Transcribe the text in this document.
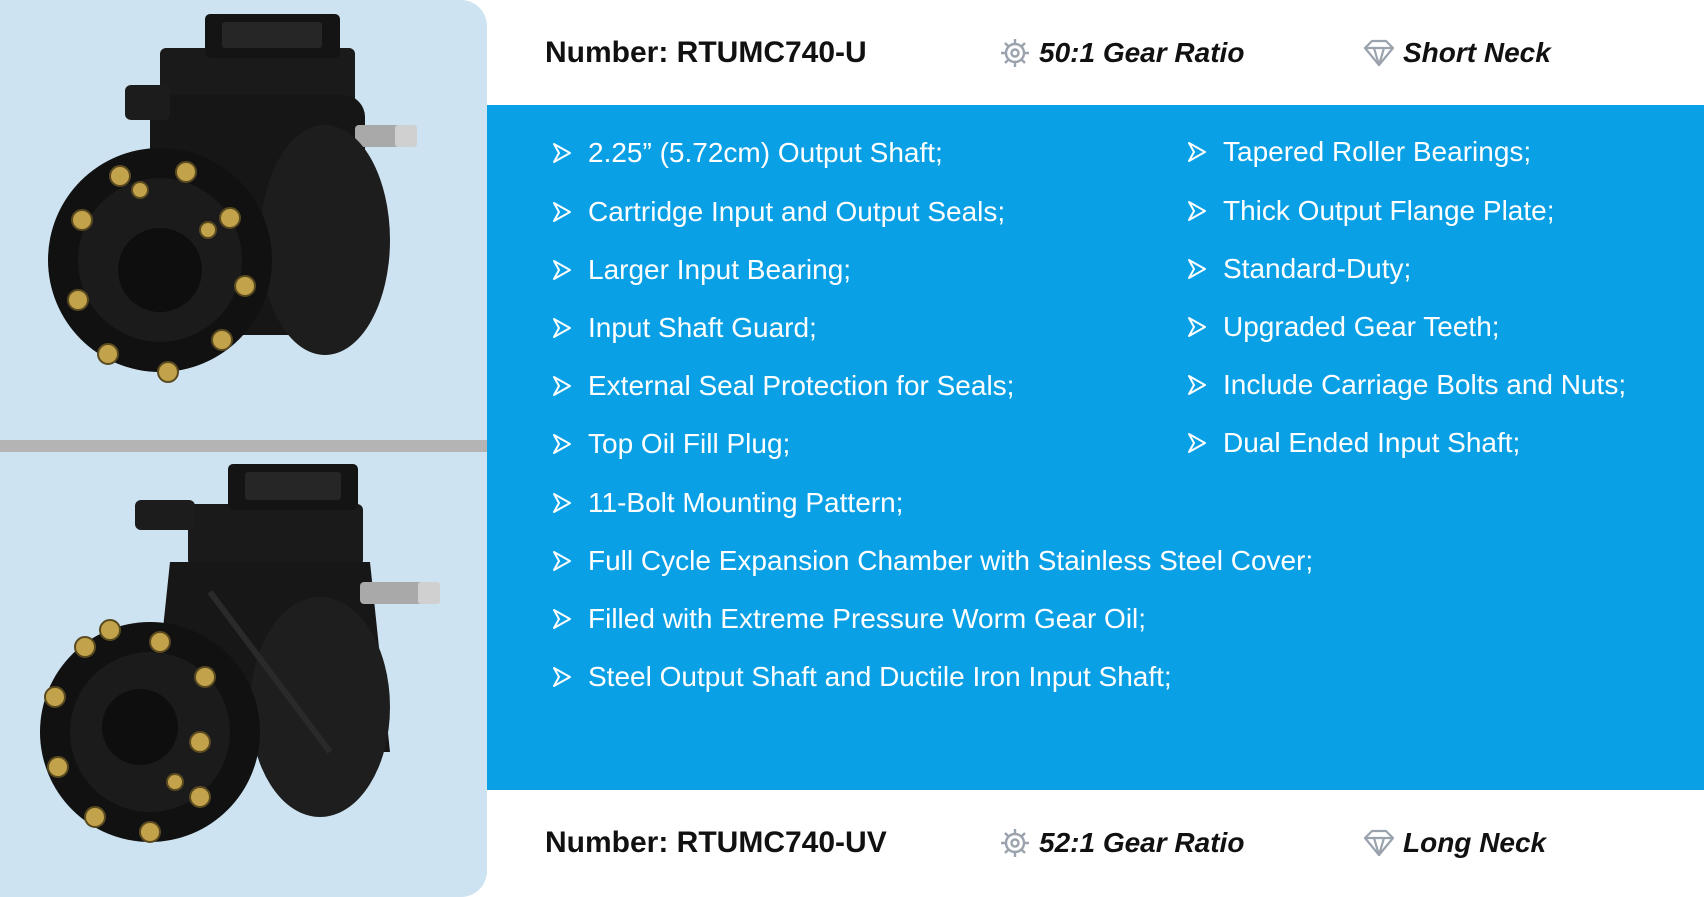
Number: RTUMC740-U	50:1 Gear Ratio	Short Neck
2.25” (5.72cm) Output Shaft;
Cartridge Input and Output Seals;
Larger Input Bearing;
Input Shaft Guard;
External Seal Protection for Seals;
Top Oil Fill Plug;
11-Bolt Mounting Pattern;
Full Cycle Expansion Chamber with Stainless Steel Cover;
Filled with Extreme Pressure Worm Gear Oil;
Steel Output Shaft and Ductile Iron Input Shaft;
Tapered Roller Bearings;
Thick Output Flange Plate;
Standard-Duty;
Upgraded Gear Teeth;
Include Carriage Bolts and Nuts;
Dual Ended Input Shaft;
Number: RTUMC740-UV	52:1 Gear Ratio	Long Neck
